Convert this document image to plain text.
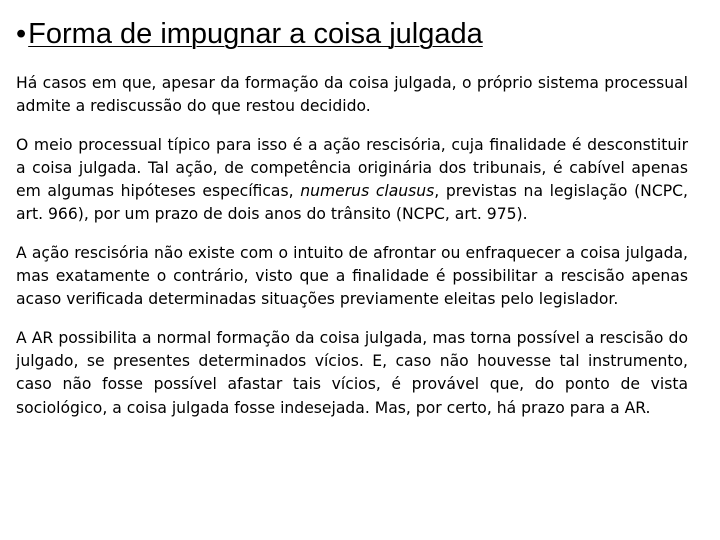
•Forma de impugnar a coisa julgada

Há casos em que, apesar da formação da coisa julgada, o próprio sistema processual admite a rediscussão do que restou decidido.

O meio processual típico para isso é a ação rescisória, cuja finalidade é desconstituir a coisa julgada. Tal ação, de competência originária dos tribunais, é cabível apenas em algumas hipóteses específicas, numerus clausus, previstas na legislação (NCPC, art. 966), por um prazo de dois anos do trânsito (NCPC, art. 975).

A ação rescisória não existe com o intuito de afrontar ou enfraquecer a coisa julgada, mas exatamente o contrário, visto que a finalidade é possibilitar a rescisão apenas acaso verificada determinadas situações previamente eleitas pelo legislador.

A AR possibilita a normal formação da coisa julgada, mas torna possível a rescisão do julgado, se presentes determinados vícios. E, caso não houvesse tal instrumento, caso não fosse possível afastar tais vícios, é provável que, do ponto de vista sociológico, a coisa julgada fosse indesejada. Mas, por certo, há prazo para a AR.
